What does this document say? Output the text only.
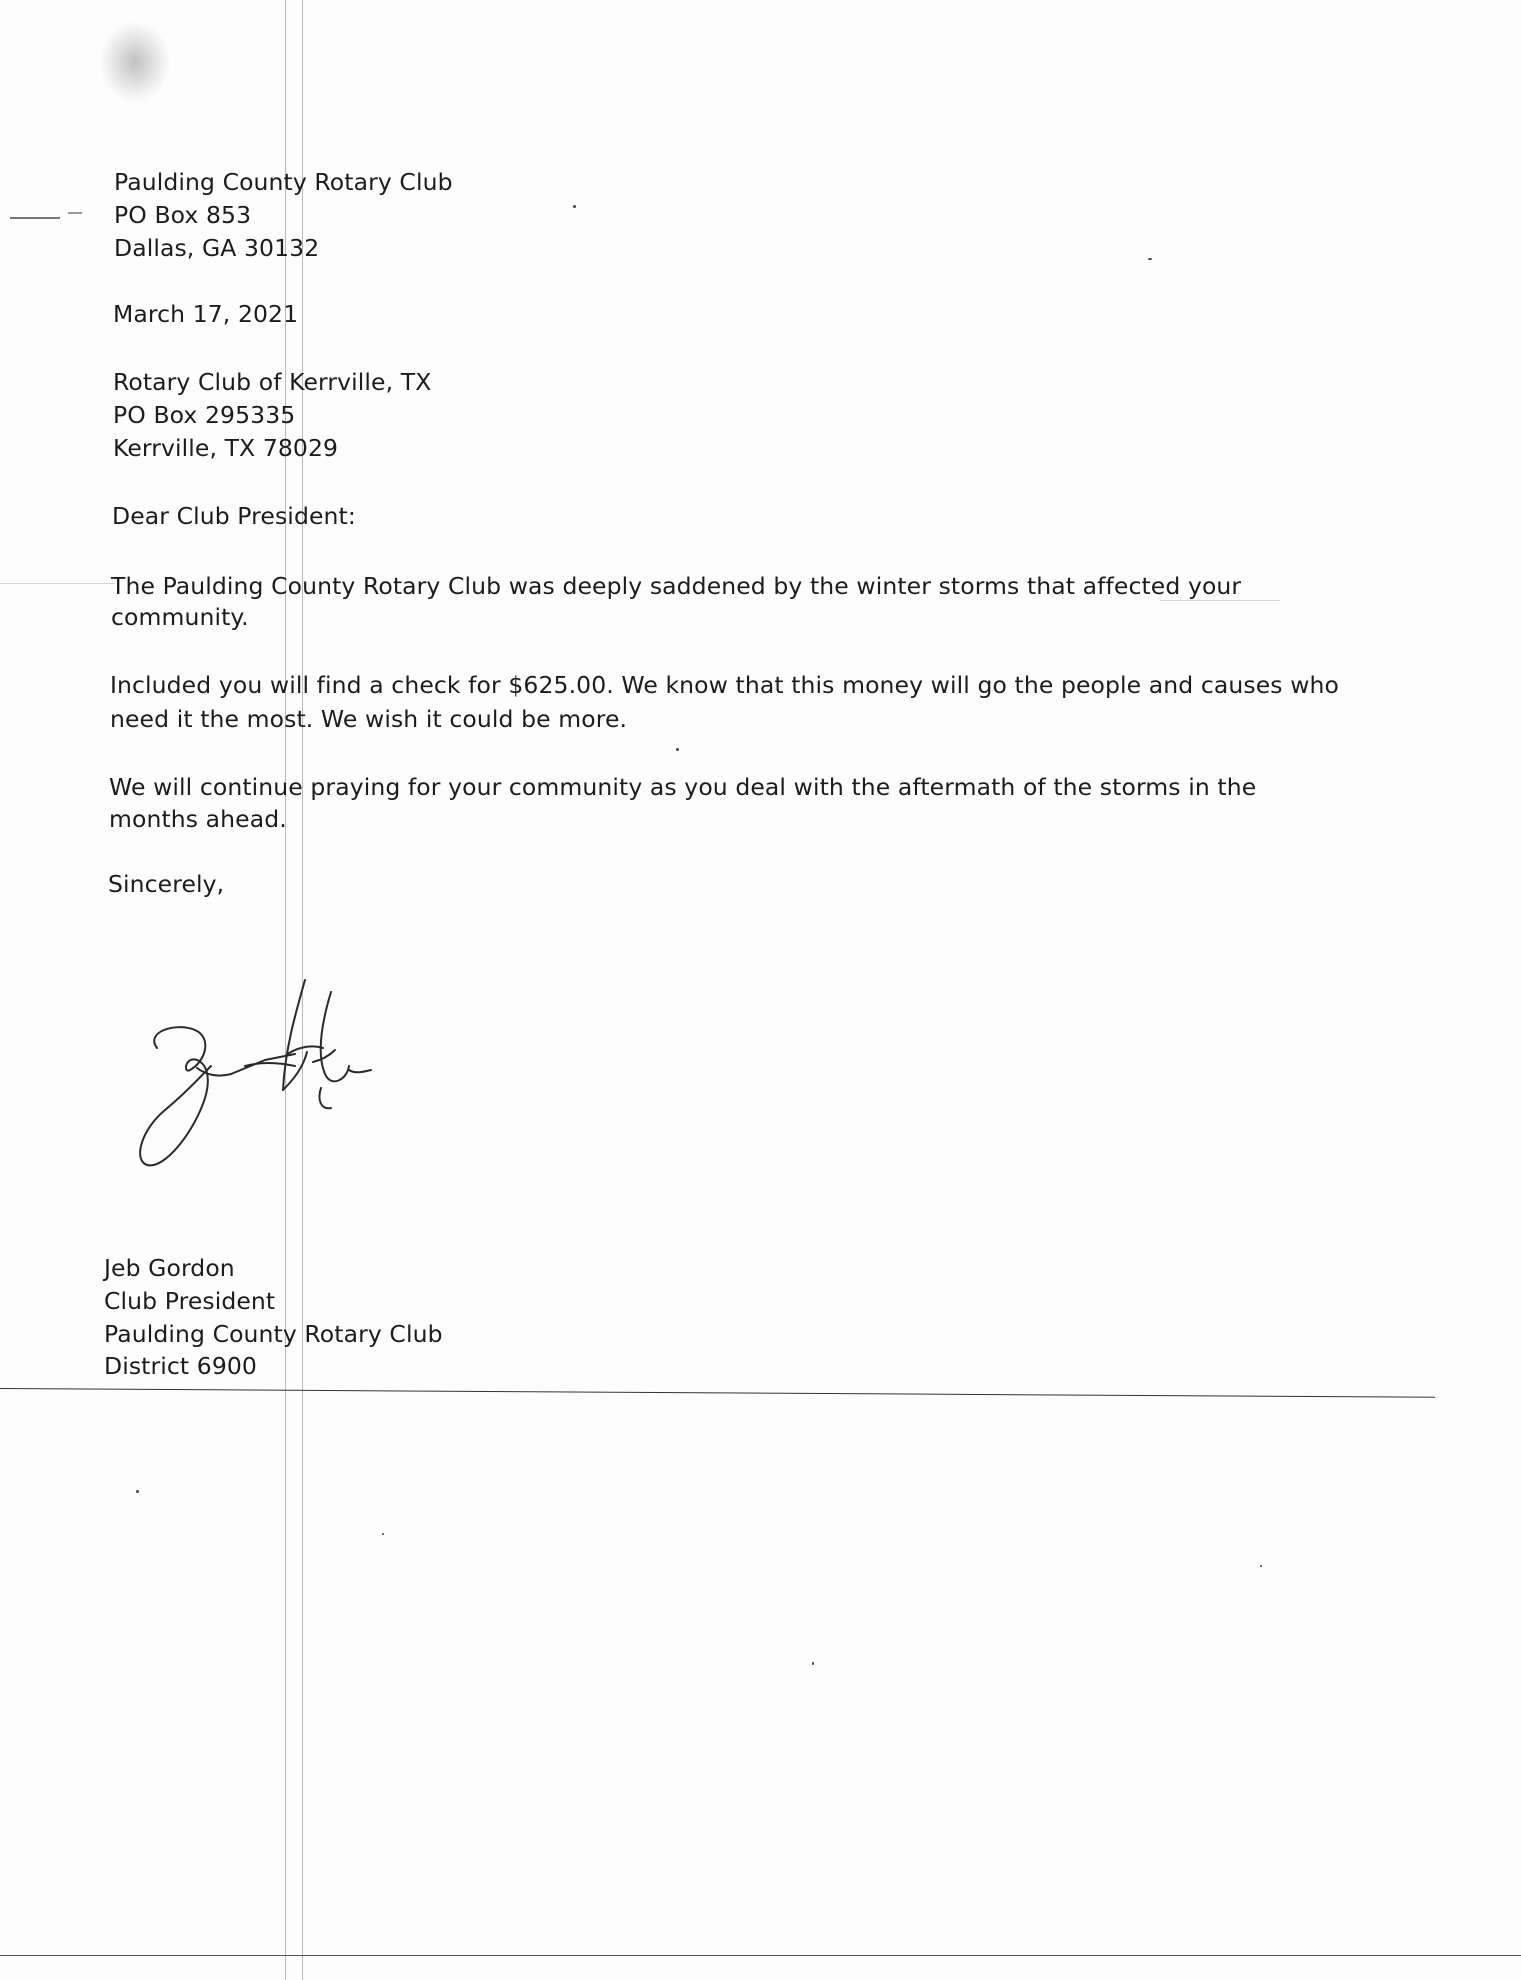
Paulding County Rotary Club
PO Box 853
Dallas, GA 30132
March 17, 2021
Rotary Club of Kerrville, TX
PO Box 295335
Kerrville, TX 78029
Dear Club President:
The Paulding County Rotary Club was deeply saddened by the winter storms that affected your
community.
Included you will find a check for $625.00. We know that this money will go the people and causes who
need it the most. We wish it could be more.
We will continue praying for your community as you deal with the aftermath of the storms in the
months ahead.
Sincerely,
Jeb Gordon
Club President
Paulding County Rotary Club
District 6900
